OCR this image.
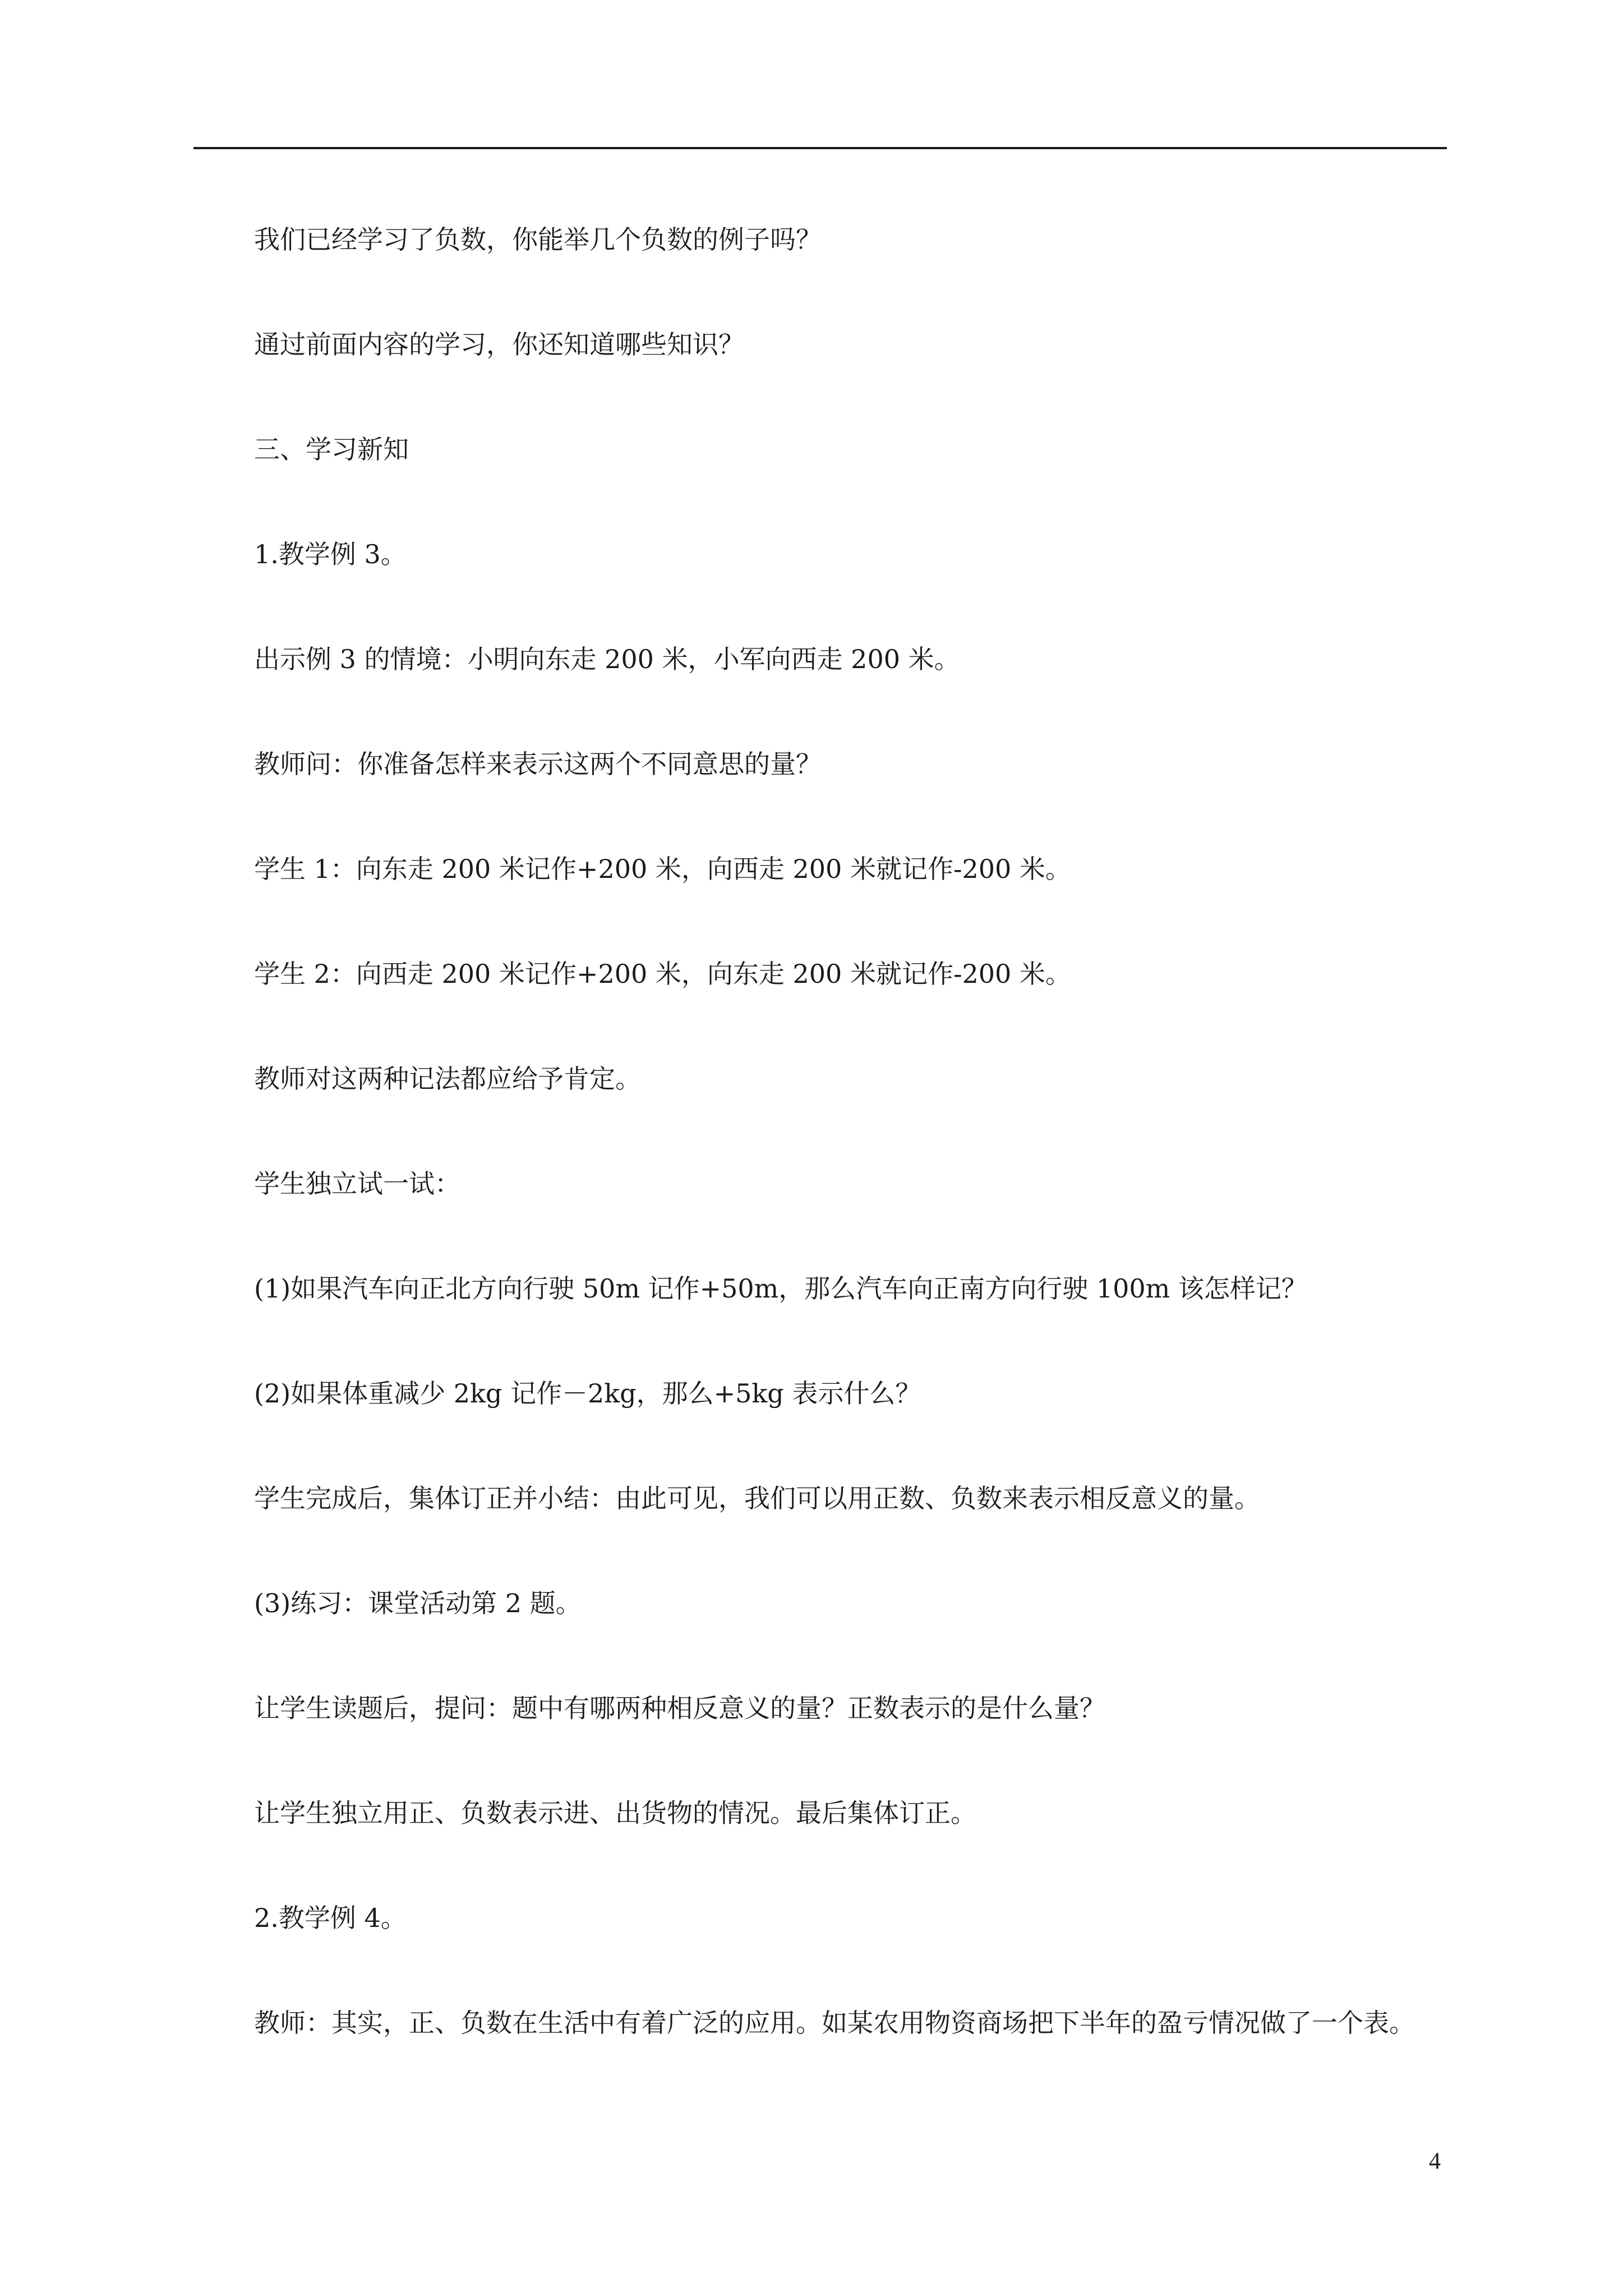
我们已经学习了负数，你能举几个负数的例子吗？

通过前面内容的学习，你还知道哪些知识？

三、学习新知

1.教学例 3。

出示例 3 的情境：小明向东走 200 米，小军向西走 200 米。

教师问：你准备怎样来表示这两个不同意思的量？

学生 1：向东走 200 米记作+200 米，向西走 200 米就记作-200 米。

学生 2：向西走 200 米记作+200 米，向东走 200 米就记作-200 米。

教师对这两种记法都应给予肯定。

学生独立试一试：

(1)如果汽车向正北方向行驶 50m 记作+50m，那么汽车向正南方向行驶 100m 该怎样记？

(2)如果体重减少 2kg 记作－2kg，那么+5kg 表示什么？

学生完成后，集体订正并小结：由此可见，我们可以用正数、负数来表示相反意义的量。

(3)练习：课堂活动第 2 题。

让学生读题后，提问：题中有哪两种相反意义的量？正数表示的是什么量？

让学生独立用正、负数表示进、出货物的情况。最后集体订正。

2.教学例 4。

教师：其实，正、负数在生活中有着广泛的应用。如某农用物资商场把下半年的盈亏情况做了一个表。

4
